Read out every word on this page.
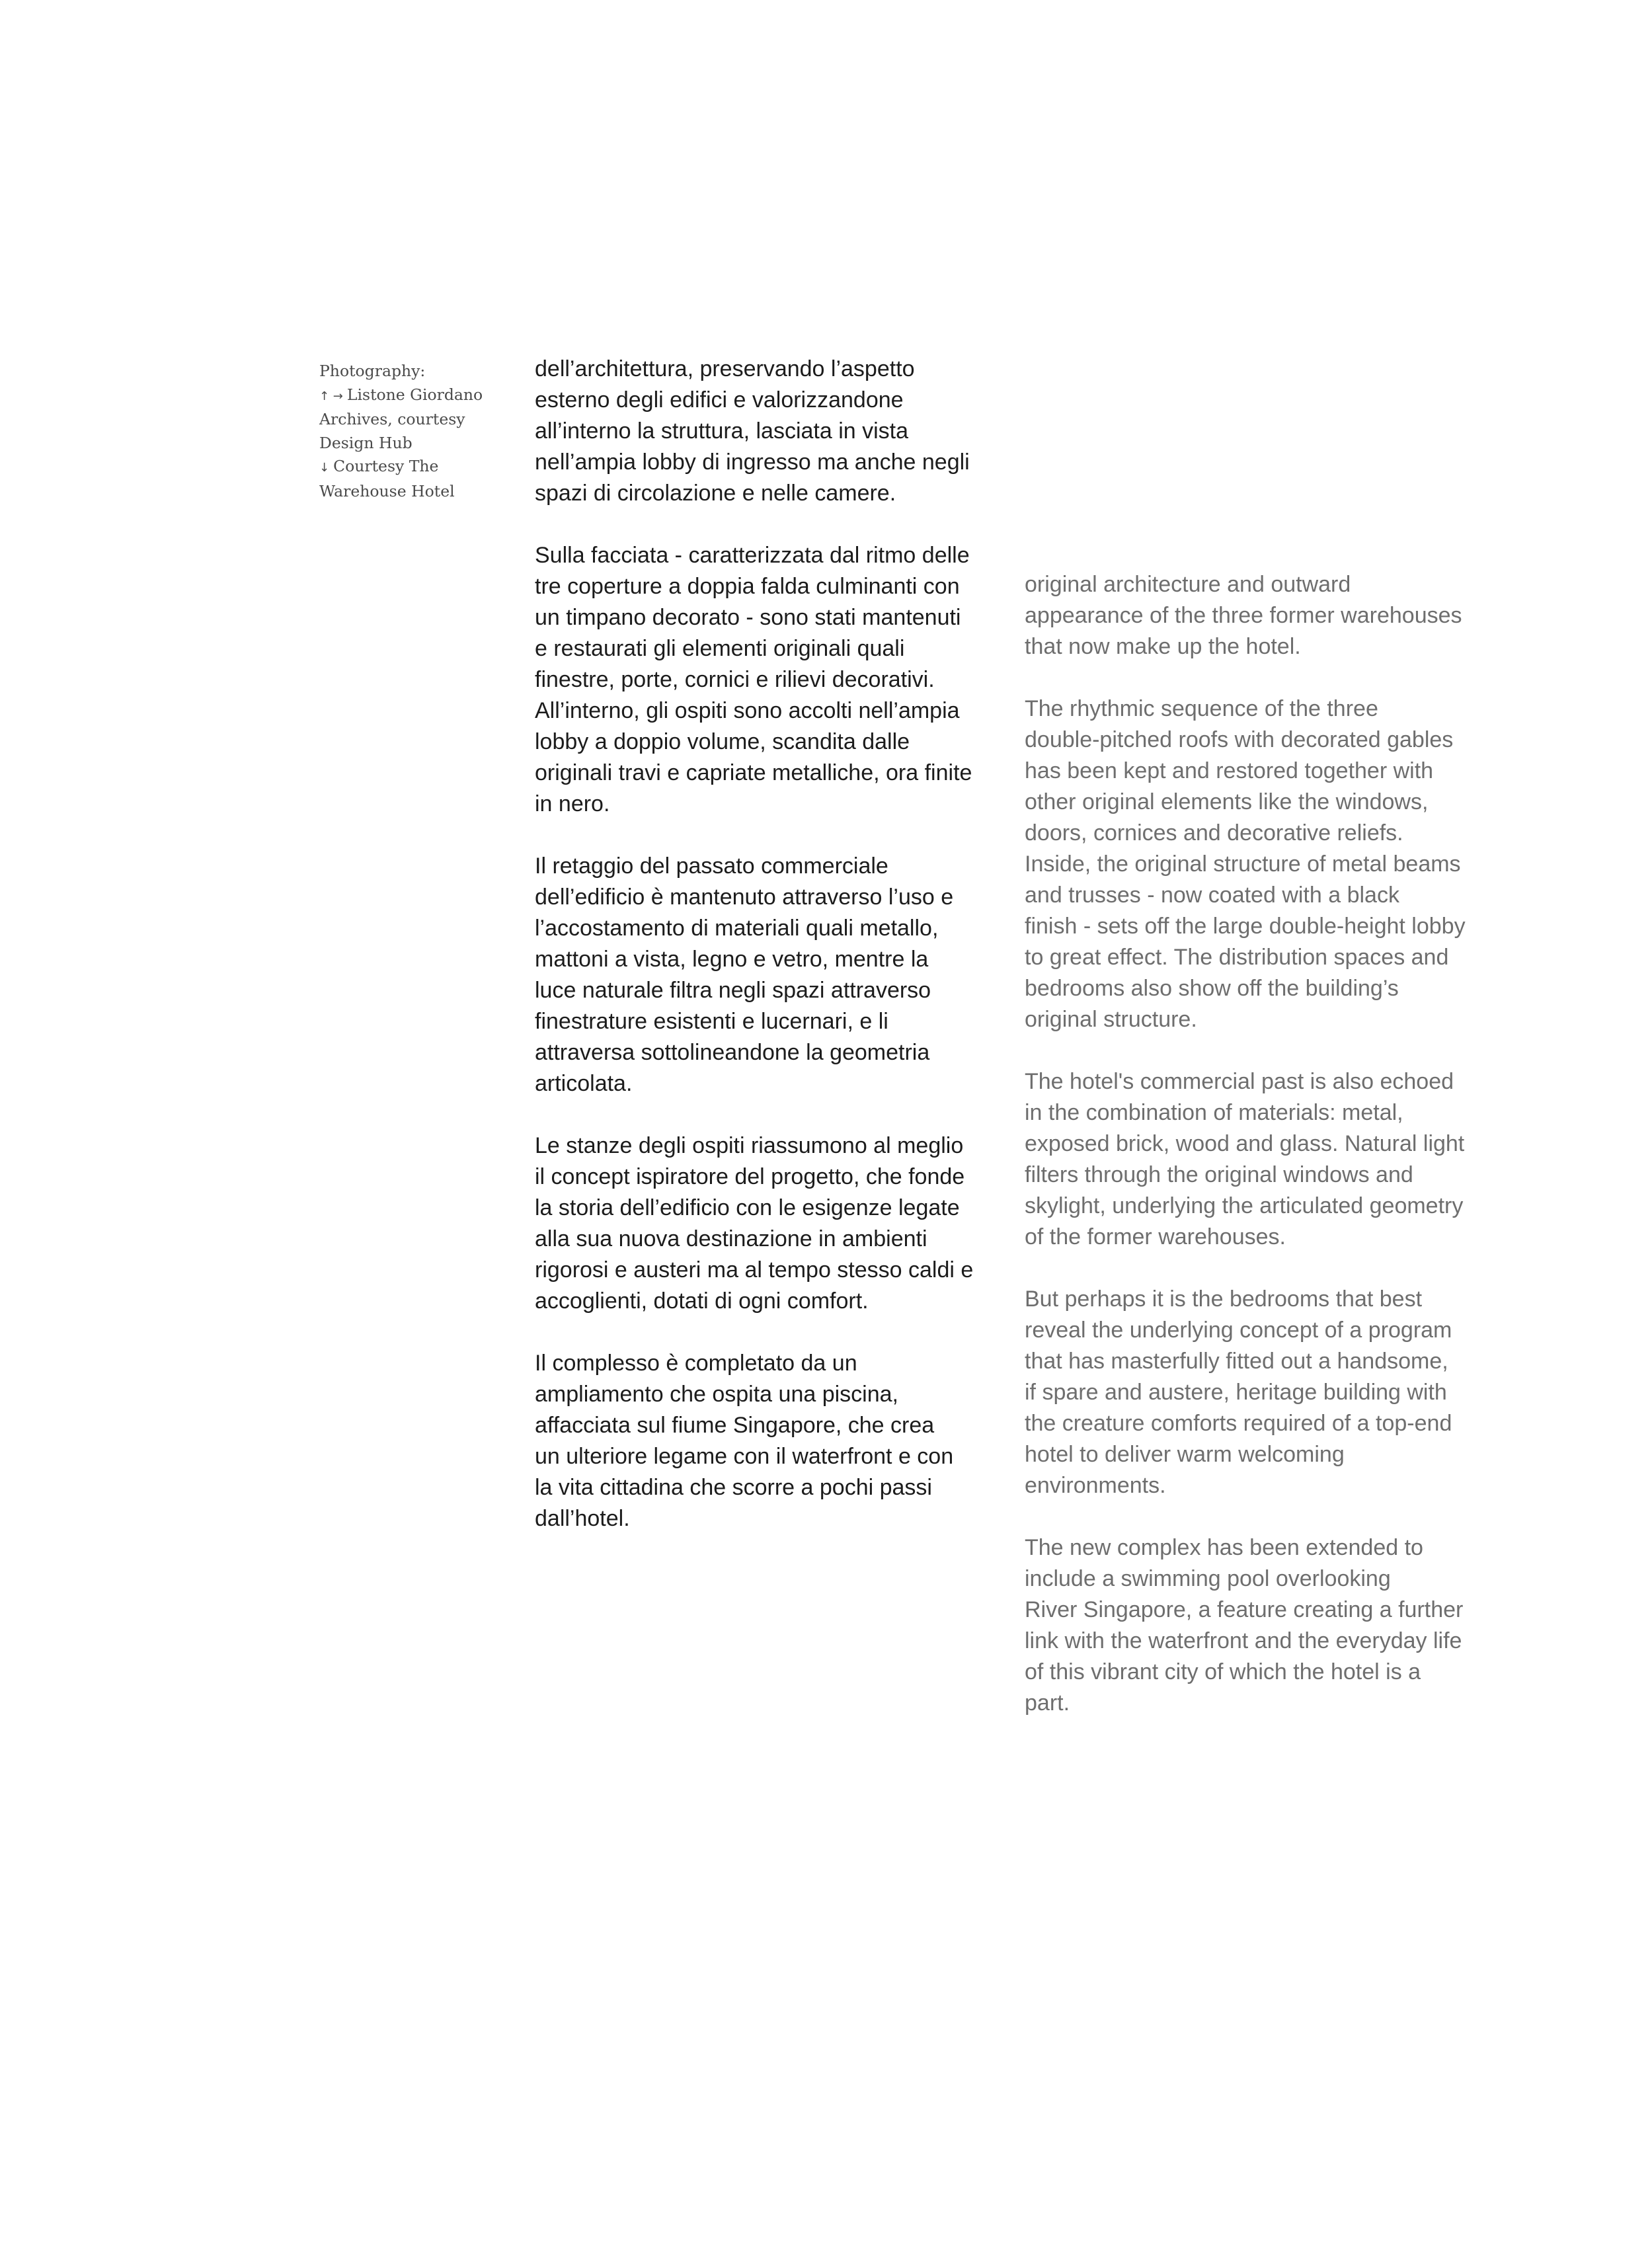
Photography:
↑ → Listone Giordano
Archives, courtesy
Design Hub
↓ Courtesy The
Warehouse Hotel

dell’architettura, preservando l’aspetto
esterno degli edifici e valorizzandone
all’interno la struttura, lasciata in vista
nell’ampia lobby di ingresso ma anche negli
spazi di circolazione e nelle camere.

Sulla facciata - caratterizzata dal ritmo delle
tre coperture a doppia falda culminanti con
un timpano decorato - sono stati mantenuti
e restaurati gli elementi originali quali
finestre, porte, cornici e rilievi decorativi.
All’interno, gli ospiti sono accolti nell’ampia
lobby a doppio volume, scandita dalle
originali travi e capriate metalliche, ora finite
in nero.

Il retaggio del passato commerciale
dell’edificio è mantenuto attraverso l’uso e
l’accostamento di materiali quali metallo,
mattoni a vista, legno e vetro, mentre la
luce naturale filtra negli spazi attraverso
finestrature esistenti e lucernari, e li
attraversa sottolineandone la geometria
articolata.

Le stanze degli ospiti riassumono al meglio
il concept ispiratore del progetto, che fonde
la storia dell’edificio con le esigenze legate
alla sua nuova destinazione in ambienti
rigorosi e austeri ma al tempo stesso caldi e
accoglienti, dotati di ogni comfort.

Il complesso è completato da un
ampliamento che ospita una piscina,
affacciata sul fiume Singapore, che crea
un ulteriore legame con il waterfront e con
la vita cittadina che scorre a pochi passi
dall’hotel.

original architecture and outward
appearance of the three former warehouses
that now make up the hotel.

The rhythmic sequence of the three
double-pitched roofs with decorated gables
has been kept and restored together with
other original elements like the windows,
doors, cornices and decorative reliefs.
Inside, the original structure of metal beams
and trusses - now coated with a black
finish - sets off the large double-height lobby
to great effect. The distribution spaces and
bedrooms also show off the building’s
original structure.

The hotel's commercial past is also echoed
in the combination of materials: metal,
exposed brick, wood and glass. Natural light
filters through the original windows and
skylight, underlying the articulated geometry
of the former warehouses.

But perhaps it is the bedrooms that best
reveal the underlying concept of a program
that has masterfully fitted out a handsome,
if spare and austere, heritage building with
the creature comforts required of a top-end
hotel to deliver warm welcoming
environments.

The new complex has been extended to
include a swimming pool overlooking
River Singapore, a feature creating a further
link with the waterfront and the everyday life
of this vibrant city of which the hotel is a
part.
